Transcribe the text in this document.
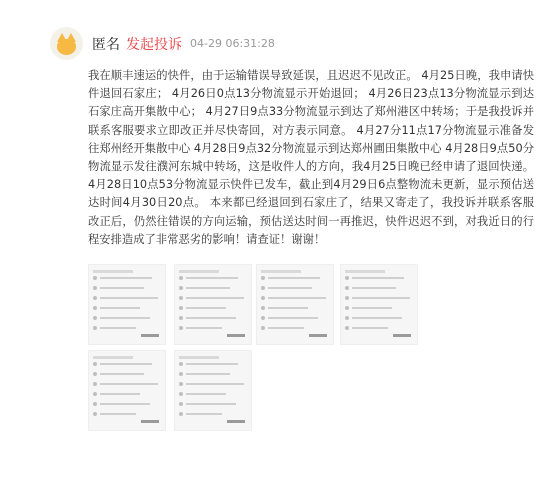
匿名 发起投诉 04-29 06:31:28
我在顺丰速运的快件，由于运输错误导致延误，且迟迟不见改正。 4月25日晚，我申请快件退回石家庄； 4月26日0点13分物流显示开始退回； 4月26日23点13分物流显示到达石家庄高开集散中心； 4月27日9点33分物流显示到达了郑州港区中转场；于是我投诉并联系客服要求立即改正并尽快寄回，对方表示同意。 4月27分11点17分物流显示准备发往郑州经开集散中心 4月28日9点32分物流显示到达郑州圃田集散中心 4月28日9点50分物流显示发往濮河东城中转场，这是收件人的方向，我4月25日晚已经申请了退回快递。 4月28日10点53分物流显示快件已发车，截止到4月29日6点整物流未更新，显示预估送达时间4月30日20点。 本来都已经退回到石家庄了，结果又寄走了，我投诉并联系客服改正后，仍然往错误的方向运输，预估送达时间一再推迟，快件迟迟不到，对我近日的行程安排造成了非常恶劣的影响！请查证！谢谢！
